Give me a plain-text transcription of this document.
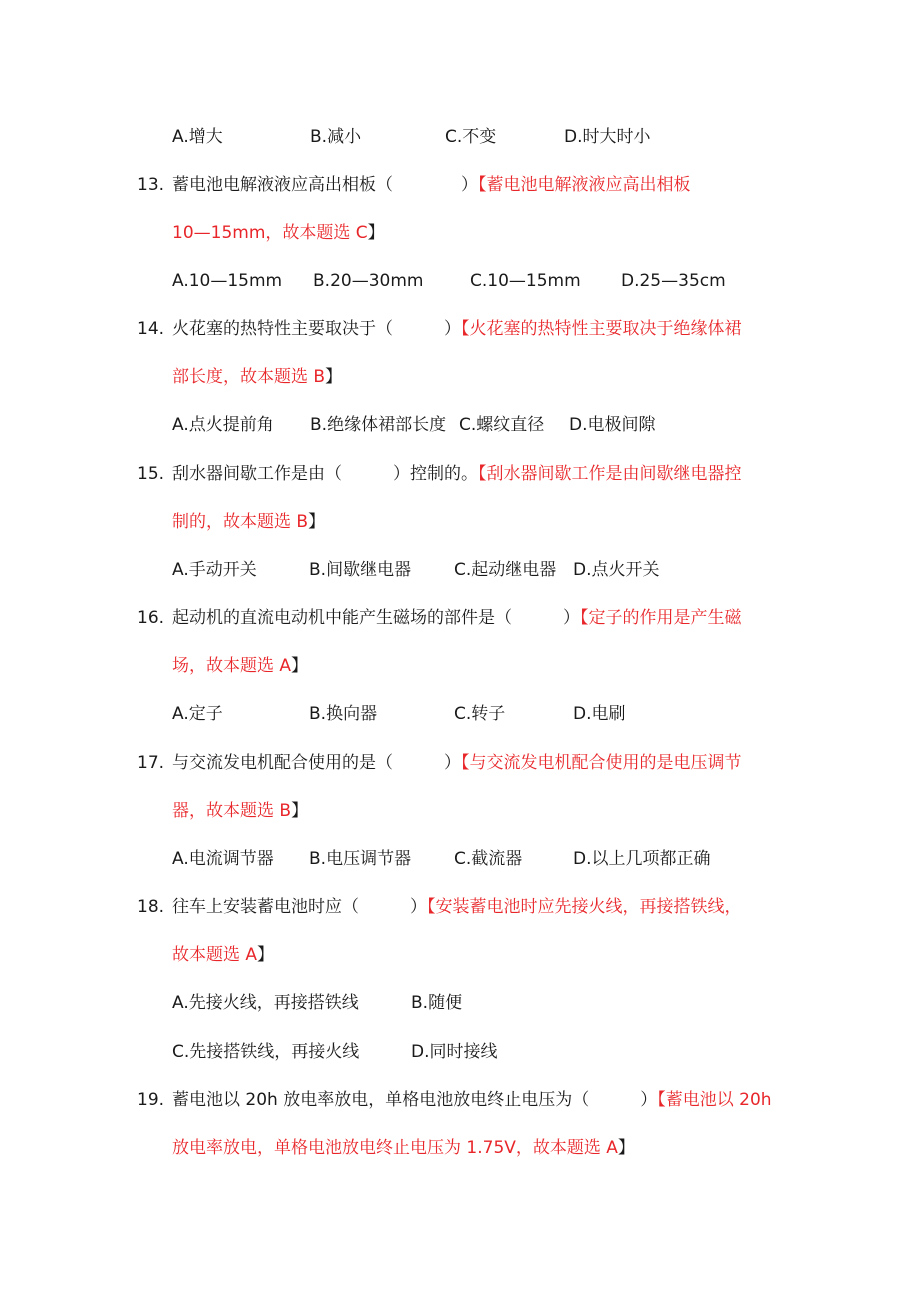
A.增大	B.减小	C.不变	D.时大时小
13. 蓄电池电解液液应高出相板（　　　　）【蓄电池电解液液应高出相板
10—15mm，故本题选 C】
A.10—15mm B.20—30mm	C.10—15mm D.25—35cm
14. 火花塞的热特性主要取决于（　　　）【火花塞的热特性主要取决于绝缘体裙
部长度，故本题选 B】
A.点火提前角 B.绝缘体裙部长度 C.螺纹直径 D.电极间隙
15. 刮水器间歇工作是由（　　　）控制的。【刮水器间歇工作是由间歇继电器控
制的，故本题选 B】
A.手动开关	B.间歇继电器	C.起动继电器 D.点火开关
16. 起动机的直流电动机中能产生磁场的部件是（　　　）【定子的作用是产生磁
场，故本题选 A】
A.定子	B.换向器	C.转子	D.电刷
17. 与交流发电机配合使用的是（　　　）【与交流发电机配合使用的是电压调节
器，故本题选 B】
A.电流调节器 B.电压调节器	C.截流器	D.以上几项都正确
18. 往车上安装蓄电池时应（　　　）【安装蓄电池时应先接火线，再接搭铁线，
故本题选 A】
A.先接火线，再接搭铁线	B.随便
C.先接搭铁线，再接火线	D.同时接线
19. 蓄电池以 20h 放电率放电，单格电池放电终止电压为（　　　）【蓄电池以 20h
放电率放电，单格电池放电终止电压为 1.75V，故本题选 A】
